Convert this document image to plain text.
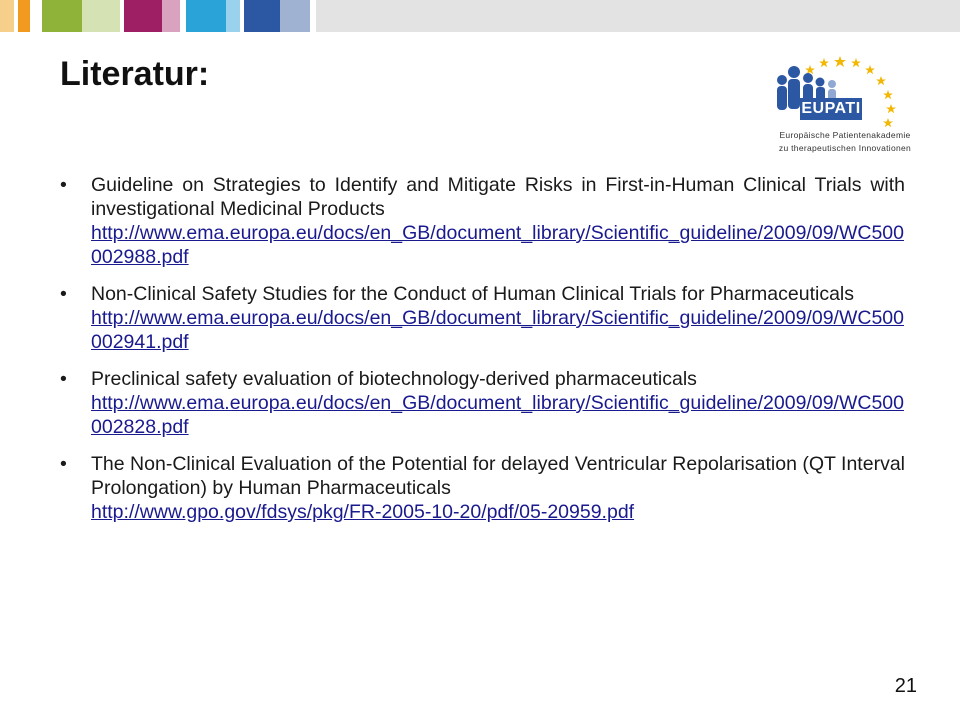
Literatur:
EUPATI
Europäische Patientenakademie
zu therapeutischen Innovationen
• Guideline on Strategies to Identify and Mitigate Risks in First-in-Human Clinical Trials with investigational Medicinal Products
http://www.ema.europa.eu/docs/en_GB/document_library/Scientific_guideline/2009/09/WC500002988.pdf
• Non-Clinical Safety Studies for the Conduct of Human Clinical Trials for Pharmaceuticals
http://www.ema.europa.eu/docs/en_GB/document_library/Scientific_guideline/2009/09/WC500002941.pdf
• Preclinical safety evaluation of biotechnology-derived pharmaceuticals
http://www.ema.europa.eu/docs/en_GB/document_library/Scientific_guideline/2009/09/WC500002828.pdf
• The Non-Clinical Evaluation of the Potential for delayed Ventricular Repolarisation (QT Interval Prolongation) by Human Pharmaceuticals
http://www.gpo.gov/fdsys/pkg/FR-2005-10-20/pdf/05-20959.pdf
21
